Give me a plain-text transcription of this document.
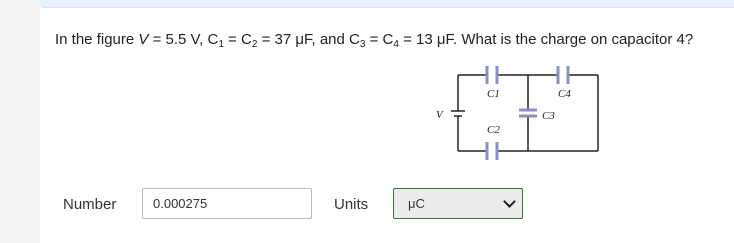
In the figure V = 5.5 V, $C_1 = C_2 = 37$ μF, and $C_3 = C_4 = 13$ μF. What is the charge on capacitor 4?
V
C1
C2
C3
C4
Number
0.000275	Units	μC
